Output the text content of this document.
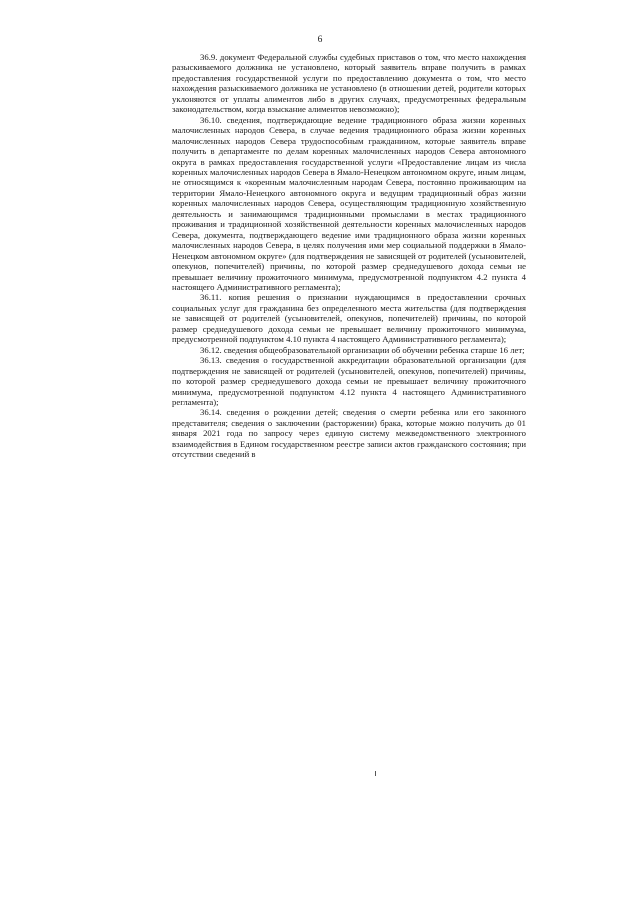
6

36.9. документ Федеральной службы судебных приставов о том, что место нахождения разыскиваемого должника не установлено, который заявитель вправе получить в рамках предоставления государственной услуги по предоставлению документа о том, что место нахождения разыскиваемого должника не установлено (в отношении детей, родители которых уклоняются от уплаты алиментов либо в других случаях, предусмотренных федеральным законодательством, когда взыскание алиментов невозможно);

36.10. сведения, подтверждающие ведение традиционного образа жизни коренных малочисленных народов Севера, в случае ведения традиционного образа жизни коренных малочисленных народов Севера трудоспособным гражданином, которые заявитель вправе получить в департаменте по делам коренных малочисленных народов Севера автономного округа в рамках предоставления государственной услуги «Предоставление лицам из числа коренных малочисленных народов Севера в Ямало-Ненецком автономном округе, иным лицам, не относящимся к «коренным малочисленным народам Севера, постоянно проживающим на территории Ямало-Ненецкого автономного округа и ведущим традиционный образ жизни коренных малочисленных народов Севера, осуществляющим традиционную хозяйственную деятельность и занимающимся традиционными промыслами в местах традиционного проживания и традиционной хозяйственной деятельности коренных малочисленных народов Севера, документа, подтверждающего ведение ими традиционного образа жизни коренных малочисленных народов Севера, в целях получения ими мер социальной поддержки в Ямало-Ненецком автономном округе» (для подтверждения не зависящей от родителей (усыновителей, опекунов, попечителей) причины, по которой размер среднедушевого дохода семьи не превышает величину прожиточного минимума, предусмотренной подпунктом 4.2 пункта 4 настоящего Административного регламента);

36.11. копия решения о признании нуждающимся в предоставлении срочных социальных услуг для гражданина без определенного места жительства (для подтверждения не зависящей от родителей (усыновителей, опекунов, попечителей) причины, по которой размер среднедушевого дохода семьи не превышает величину прожиточного минимума, предусмотренной подпунктом 4.10 пункта 4 настоящего Административного регламента);

36.12. сведения общеобразовательной организации об обучении ребенка старше 16 лет;

36.13. сведения о государственной аккредитации образовательной организации (для подтверждения не зависящей от родителей (усыновителей, опекунов, попечителей) причины, по которой размер среднедушевого дохода семьи не превышает величину прожиточного минимума, предусмотренной подпунктом 4.12 пункта 4 настоящего Административного регламента);

36.14. сведения о рождении детей; сведения о смерти ребенка или его законного представителя; сведения о заключении (расторжении) брака, которые можно получить до 01 января 2021 года по запросу через единую систему межведомственного электронного взаимодействия в Едином государственном реестре записи актов гражданского состояния; при отсутствии сведений в
